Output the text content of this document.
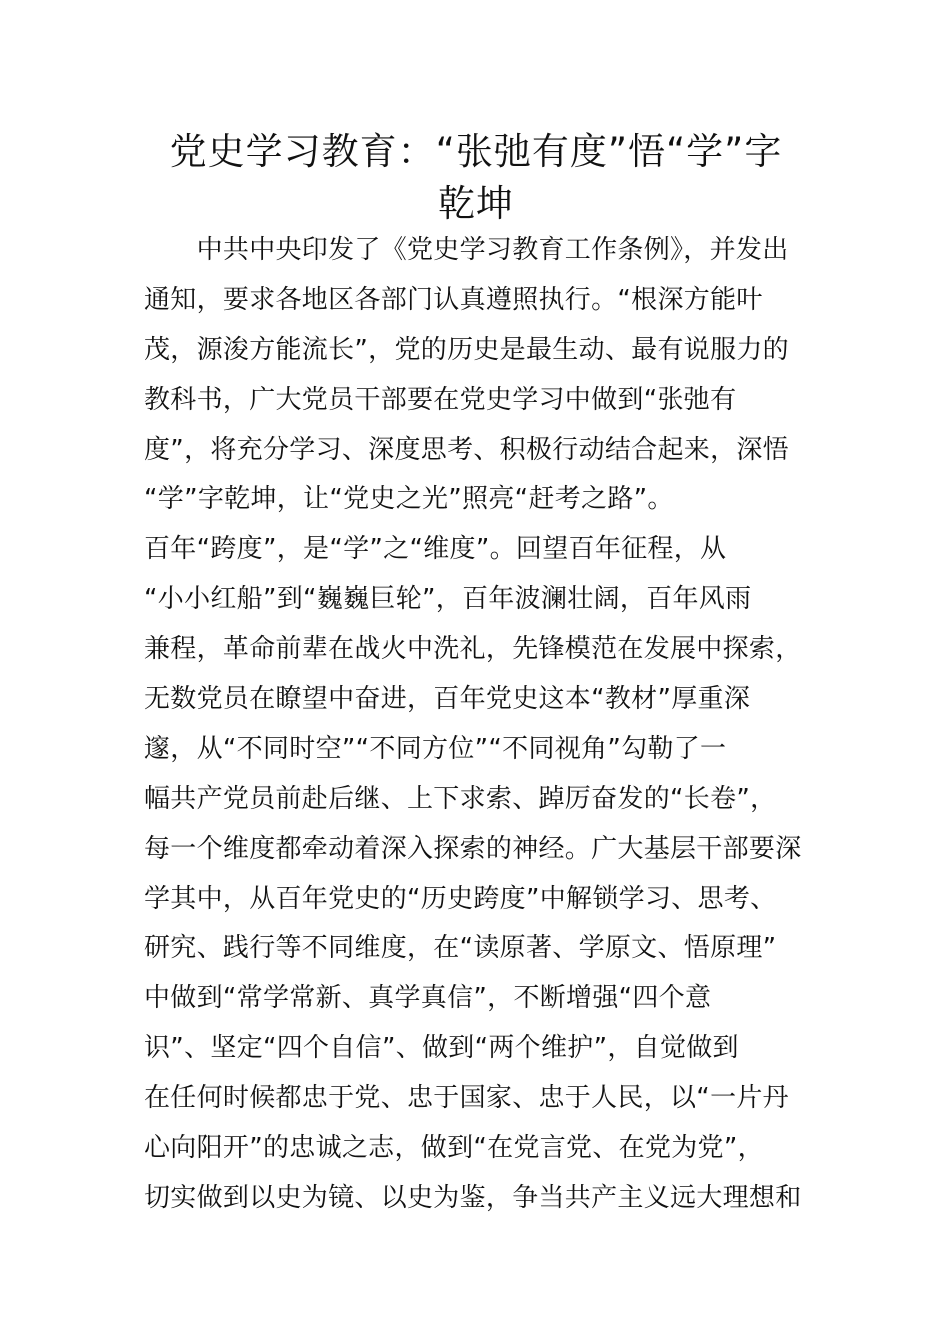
党史学习教育：“张弛有度”悟“学”字
乾坤
　　中共中央印发了《党史学习教育工作条例》，并发出
通知，要求各地区各部门认真遵照执行。“根深方能叶
茂，源浚方能流长”，党的历史是最生动、最有说服力的
教科书，广大党员干部要在党史学习中做到“张弛有
度”，将充分学习、深度思考、积极行动结合起来，深悟
“学”字乾坤，让“党史之光”照亮“赶考之路”。
百年“跨度”，是“学”之“维度”。回望百年征程，从
“小小红船”到“巍巍巨轮”，百年波澜壮阔，百年风雨
兼程，革命前辈在战火中洗礼，先锋模范在发展中探索，
无数党员在瞭望中奋进，百年党史这本“教材”厚重深
邃，从“不同时空”“不同方位”“不同视角”勾勒了一
幅共产党员前赴后继、上下求索、踔厉奋发的“长卷”，
每一个维度都牵动着深入探索的神经。广大基层干部要深
学其中，从百年党史的“历史跨度”中解锁学习、思考、
研究、践行等不同维度，在“读原著、学原文、悟原理”
中做到“常学常新、真学真信”，不断增强“四个意
识”、坚定“四个自信”、做到“两个维护”，自觉做到
在任何时候都忠于党、忠于国家、忠于人民，以“一片丹
心向阳开”的忠诚之志，做到“在党言党、在党为党”，
切实做到以史为镜、以史为鉴，争当共产主义远大理想和
